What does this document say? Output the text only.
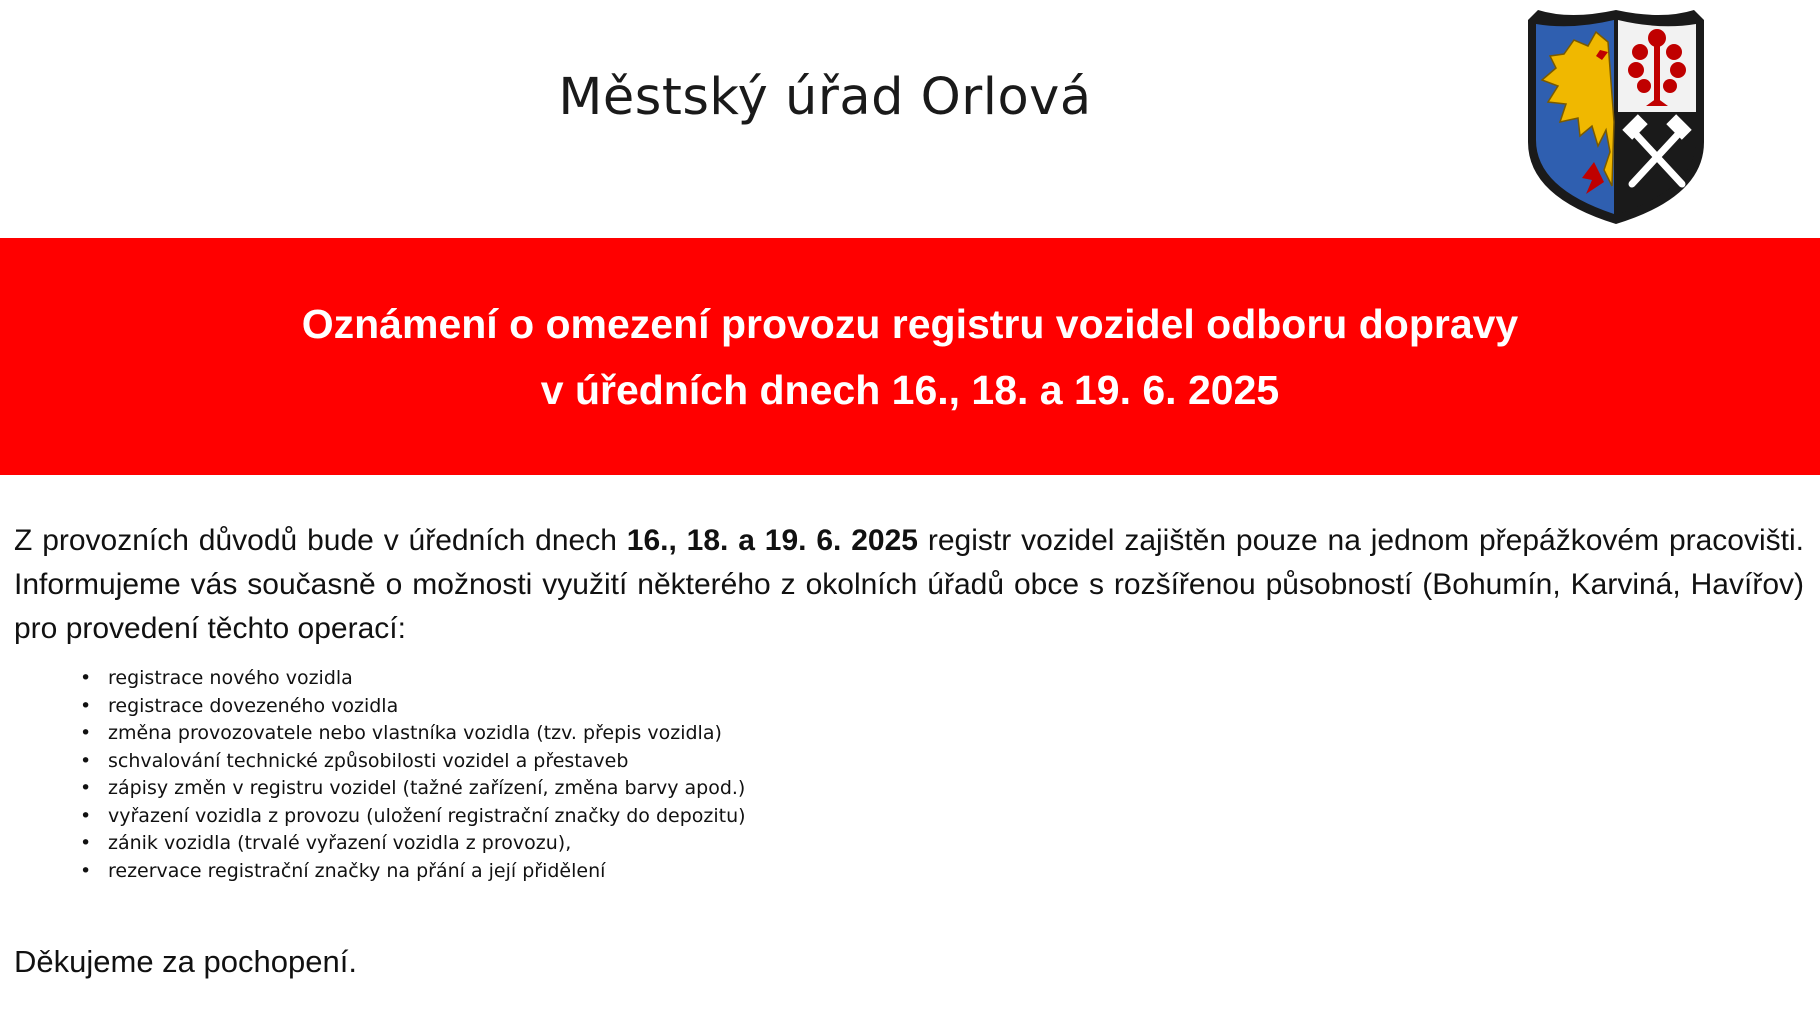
Městský úřad Orlová
Oznámení o omezení provozu registru vozidel odboru dopravy
v úředních dnech 16., 18. a 19. 6. 2025
Z provozních důvodů bude v úředních dnech 16., 18. a 19. 6. 2025 registr vozidel zajištěn pouze na jednom přepážkovém pracovišti. Informujeme vás současně o možnosti využití některého z okolních úřadů obce s rozšířenou působností (Bohumín, Karviná, Havířov) pro provedení těchto operací:
• registrace nového vozidla
• registrace dovezeného vozidla
• změna provozovatele nebo vlastníka vozidla (tzv. přepis vozidla)
• schvalování technické způsobilosti vozidel a přestaveb
• zápisy změn v registru vozidel (tažné zařízení, změna barvy apod.)
• vyřazení vozidla z provozu (uložení registrační značky do depozitu)
• zánik vozidla (trvalé vyřazení vozidla z provozu),
• rezervace registrační značky na přání a její přidělení
Děkujeme za pochopení.
